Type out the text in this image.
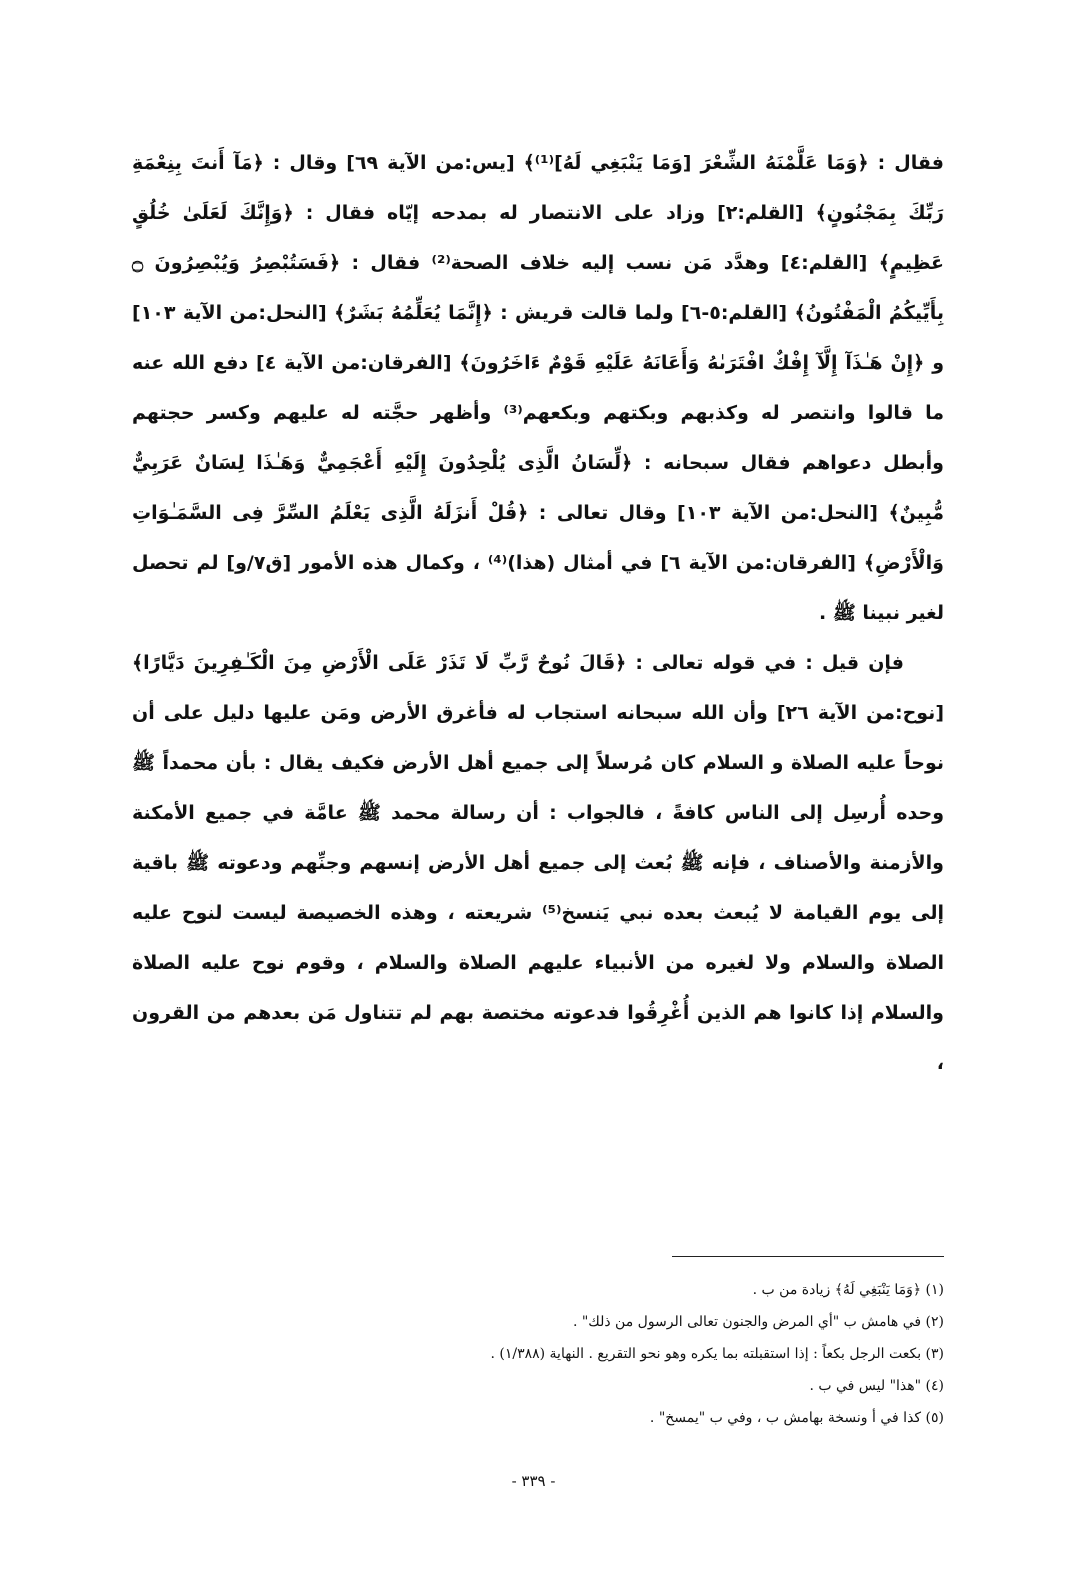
فقال : ﴿وَمَا عَلَّمْنَهُ الشِّعْرَ [وَمَا يَنْبَغِي لَهُ]⁽¹⁾﴾ [يس:من الآية ٦٩] وقال : ﴿مَآ أَنتَ بِنِعْمَةِ رَبِّكَ بِمَجْنُونٍ﴾ [القلم:٢] وزاد على الانتصار له بمدحه إيّاه فقال : ﴿وَإِنَّكَ لَعَلَىٰ خُلُقٍ عَظِيمٍ﴾ [القلم:٤] وهدَّد مَن نسب إليه خلاف الصحة⁽²⁾ فقال : ﴿فَسَتُبْصِرُ وَيُبْصِرُونَ ۝ بِأَيِّيكُمُ الْمَفْتُونُ﴾ [القلم:٥-٦] ولما قالت قريش : ﴿إِنَّمَا يُعَلِّمُهُ بَشَرٌ﴾ [النحل:من الآية ١٠٣] و ﴿إِنْ هَـٰذَآ إِلَّآ إِفْكٌ افْتَرَىٰهُ وَأَعَانَهُ عَلَيْهِ قَوْمٌ ءَاخَرُونَ﴾ [الفرقان:من الآية ٤] دفع الله عنه ما قالوا وانتصر له وكذبهم وبكتهم وبكعهم⁽³⁾ وأظهر حجَّته له عليهم وكسر حجتهم وأبطل دعواهم فقال سبحانه : ﴿لِّسَانُ الَّذِى يُلْحِدُونَ إِلَيْهِ أَعْجَمِيٌّ وَهَـٰذَا لِسَانٌ عَرَبِيٌّ مُّبِينٌ﴾ [النحل:من الآية ١٠٣] وقال تعالى : ﴿قُلْ أَنزَلَهُ الَّذِى يَعْلَمُ السِّرَّ فِى السَّمَـٰوَاتِ وَالْأَرْضِ﴾ [الفرقان:من الآية ٦] في أمثال (هذا)⁽⁴⁾ ، وكمال هذه الأمور [ق٧/و] لم تحصل لغير نبينا ﷺ .

فإن قيل : في قوله تعالى : ﴿قَالَ نُوحٌ رَّبِّ لَا تَذَرْ عَلَى الْأَرْضِ مِنَ الْكَـٰفِرِينَ دَيَّارًا﴾ [نوح:من الآية ٢٦] وأن الله سبحانه استجاب له فأغرق الأرض ومَن عليها دليل على أن نوحاً عليه الصلاة و السلام كان مُرسلاً إلى جميع أهل الأرض فكيف يقال : بأن محمداً ﷺ وحده أُرسِل إلى الناس كافةً ، فالجواب : أن رسالة محمد ﷺ عامَّة في جميع الأمكنة والأزمنة والأصناف ، فإنه ﷺ بُعث إلى جميع أهل الأرض إنسهم وجنِّهم ودعوته ﷺ باقية إلى يوم القيامة لا يُبعث بعده نبي يَنسخ⁽⁵⁾ شريعته ، وهذه الخصيصة ليست لنوح عليه الصلاة والسلام ولا لغيره من الأنبياء عليهم الصلاة والسلام ، وقوم نوح عليه الصلاة والسلام إذا كانوا هم الذين أُغْرِقُوا فدعوته مختصة بهم لم تتناول مَن بعدهم من القرون ،

(١) ﴿وَمَا يَنْبَغِي لَهُ﴾ زيادة من ب .
(٢) في هامش ب "أي المرض والجنون تعالى الرسول من ذلك" .
(٣) بكعت الرجل بكعاً : إذا استقبلته بما يكره وهو نحو التقريع . النهاية (١/٣٨٨) .
(٤) "هذا" ليس في ب .
(٥) كذا في أ ونسخة بهامش ب ، وفي ب "يمسخ" .
- ٣٣٩ -
